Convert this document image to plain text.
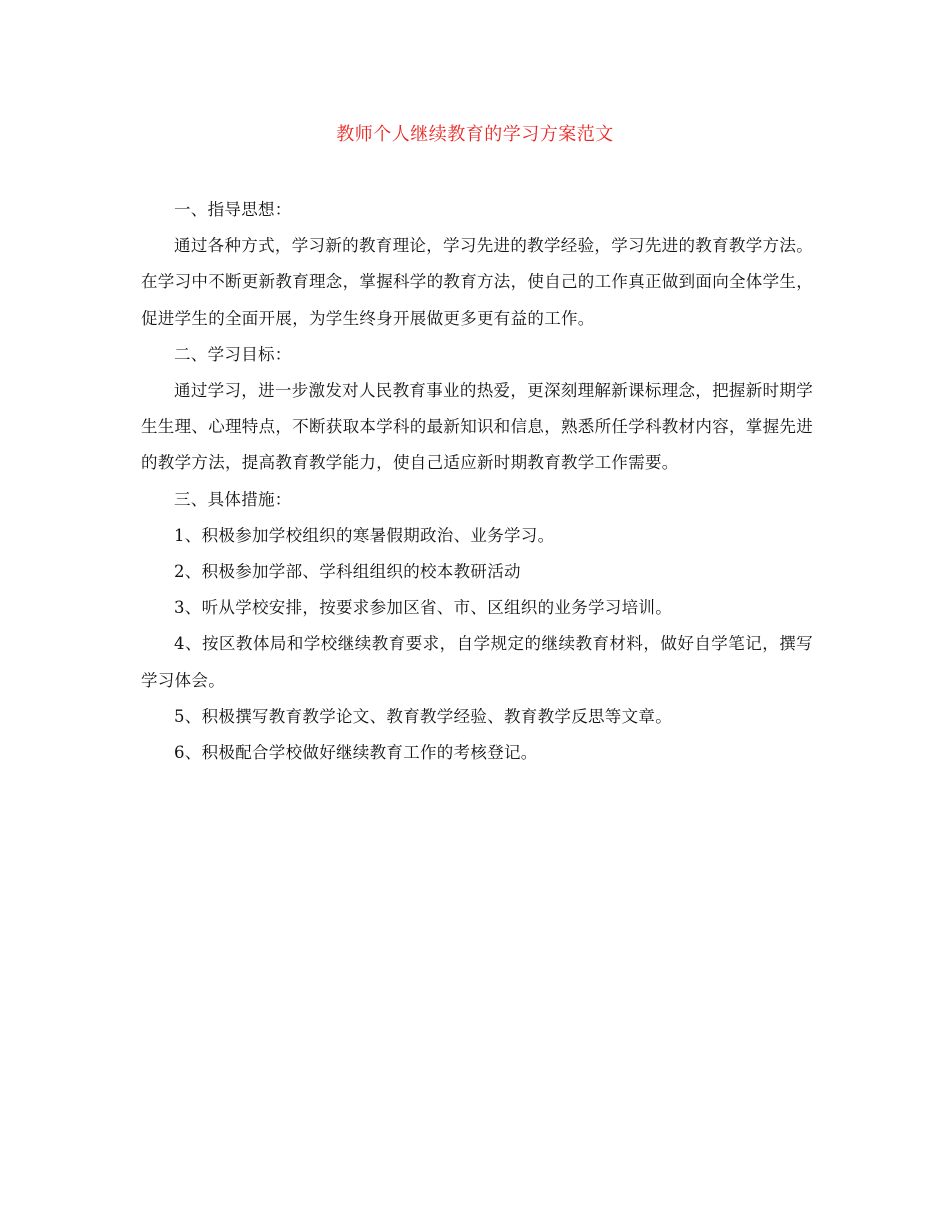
教师个人继续教育的学习方案范文

一、指导思想：

通过各种方式，学习新的教育理论，学习先进的教学经验，学习先进的教育教学方法。在学习中不断更新教育理念，掌握科学的教育方法，使自己的工作真正做到面向全体学生，促进学生的全面开展，为学生终身开展做更多更有益的工作。

二、学习目标：

通过学习，进一步激发对人民教育事业的热爱，更深刻理解新课标理念，把握新时期学生生理、心理特点，不断获取本学科的最新知识和信息，熟悉所任学科教材内容，掌握先进的教学方法，提高教育教学能力，使自己适应新时期教育教学工作需要。

三、具体措施：

1、积极参加学校组织的寒暑假期政治、业务学习。

2、积极参加学部、学科组组织的校本教研活动

3、听从学校安排，按要求参加区省、市、区组织的业务学习培训。

4、按区教体局和学校继续教育要求，自学规定的继续教育材料，做好自学笔记，撰写学习体会。

5、积极撰写教育教学论文、教育教学经验、教育教学反思等文章。

6、积极配合学校做好继续教育工作的考核登记。
